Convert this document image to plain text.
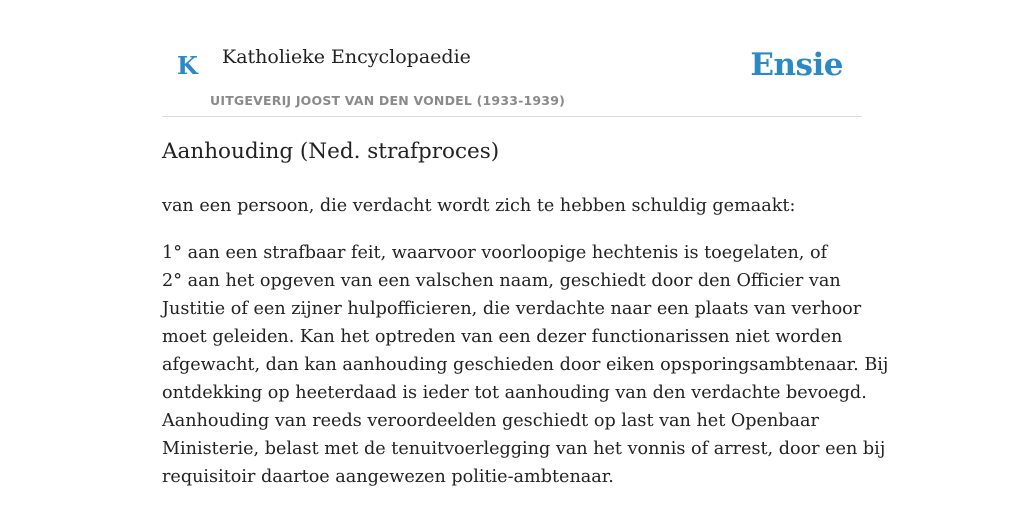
K Katholieke Encyclopaedie
UITGEVERIJ JOOST VAN DEN VONDEL (1933-1939)
Ensie
Aanhouding (Ned. strafproces)

van een persoon, die verdacht wordt zich te hebben schuldig gemaakt:

1° aan een strafbaar feit, waarvoor voorloopige hechtenis is toegelaten, of
2° aan het opgeven van een valschen naam, geschiedt door den Officier van
Justitie of een zijner hulpofficieren, die verdachte naar een plaats van verhoor
moet geleiden. Kan het optreden van een dezer functionarissen niet worden
afgewacht, dan kan aanhouding geschieden door eiken opsporingsambtenaar. Bij
ontdekking op heeterdaad is ieder tot aanhouding van den verdachte bevoegd.
Aanhouding van reeds veroordeelden geschiedt op last van het Openbaar
Ministerie, belast met de tenuitvoerlegging van het vonnis of arrest, door een bij
requisitoir daartoe aangewezen politie-ambtenaar.
